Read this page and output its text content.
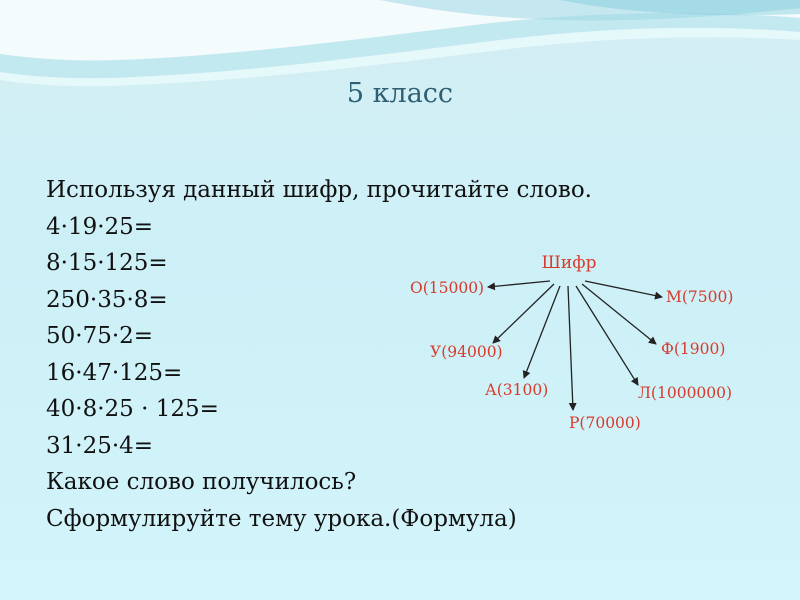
5 класс
Используя данный шифр, прочитайте слово.
4·19·25=
8·15·125=
250·35·8=
50·75·2=
16·47·125=
40·8·25 · 125=
31·25·4=
Какое слово получилось?
Сформулируйте тему урока.(Формула)
Шифр
О(15000)	М(7500)
У(94000)	Ф(1900)
А(3100)	Л(1000000)
Р(70000)
